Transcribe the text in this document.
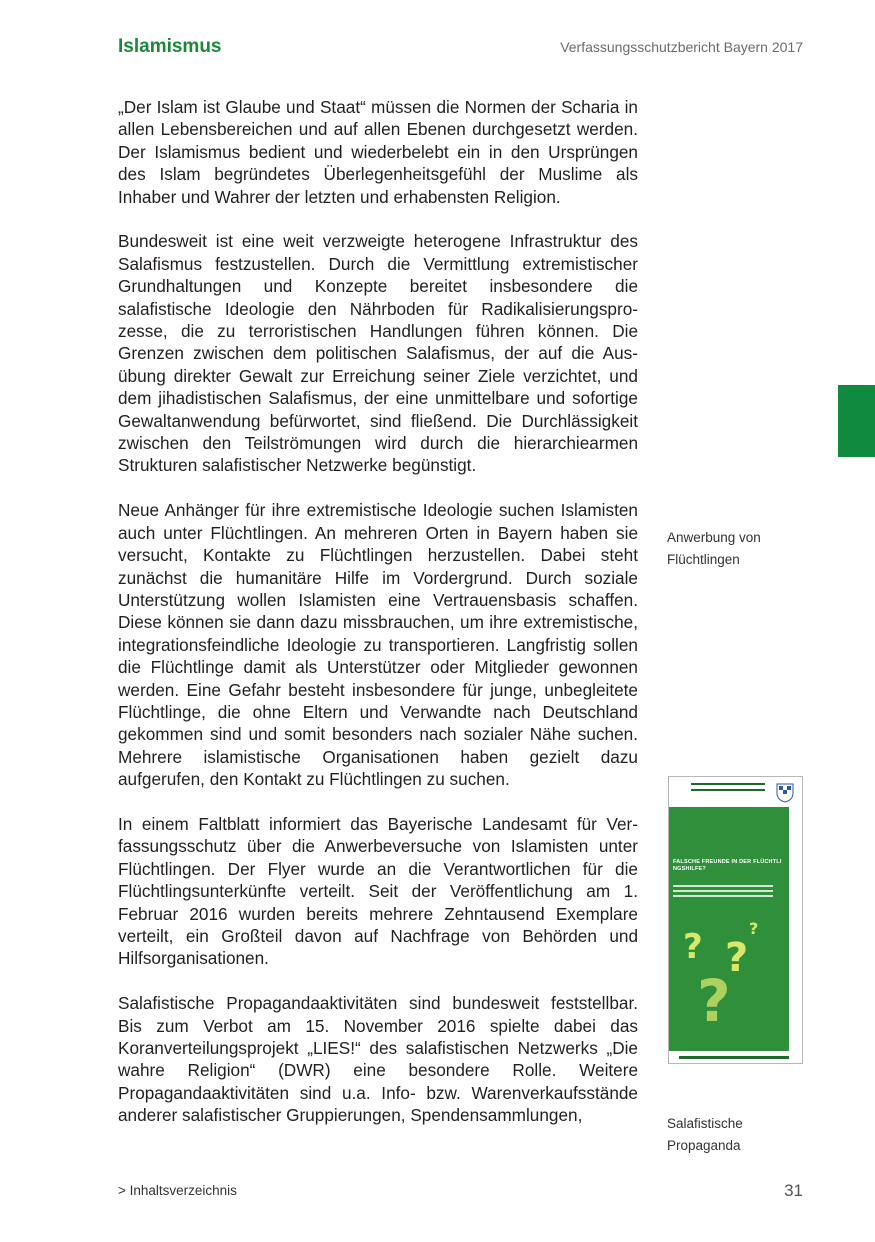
Islamismus	Verfassungsschutzbericht Bayern 2017

„Der Islam ist Glaube und Staat“ müssen die Normen der Scharia in allen Lebensbereichen und auf allen Ebenen durchgesetzt werden. Der Islamismus bedient und wiederbelebt ein in den Ursprüngen des Islam begründetes Überlegenheitsgefühl der Muslime als Inhaber und Wahrer der letzten und erhabensten Religion.

Bundesweit ist eine weit verzweigte heterogene Infrastruktur des Salafismus festzustellen. Durch die Vermittlung extremistischer Grundhaltungen und Konzepte bereitet insbesondere die salafistische Ideologie den Nährboden für Radikalisierungsprozesse, die zu terroristischen Handlungen führen können. Die Grenzen zwischen dem politischen Salafismus, der auf die Ausübung direkter Gewalt zur Erreichung seiner Ziele verzichtet, und dem jihadistischen Salafismus, der eine unmittelbare und sofortige Gewaltanwendung befürwortet, sind fließend. Die Durchlässigkeit zwischen den Teilströmungen wird durch die hierarchiearmen Strukturen salafistischer Netzwerke begünstigt.

Neue Anhänger für ihre extremistische Ideologie suchen Islamisten auch unter Flüchtlingen. An mehreren Orten in Bayern haben sie versucht, Kontakte zu Flüchtlingen herzustellen. Dabei steht zunächst die humanitäre Hilfe im Vordergrund. Durch soziale Unterstützung wollen Islamisten eine Vertrauensbasis schaffen. Diese können sie dann dazu missbrauchen, um ihre extremistische, integrationsfeindliche Ideologie zu transportieren. Langfristig sollen die Flüchtlinge damit als Unterstützer oder Mitglieder gewonnen werden. Eine Gefahr besteht insbesondere für junge, unbegleitete Flüchtlinge, die ohne Eltern und Verwandte nach Deutschland gekommen sind und somit besonders nach sozialer Nähe suchen. Mehrere islamistische Organisationen haben gezielt dazu aufgerufen, den Kontakt zu Flüchtlingen zu suchen.

In einem Faltblatt informiert das Bayerische Landesamt für Verfassungsschutz über die Anwerbeversuche von Islamisten unter Flüchtlingen. Der Flyer wurde an die Verantwortlichen für die Flüchtlingsunterkünfte verteilt. Seit der Veröffentlichung am 1. Februar 2016 wurden bereits mehrere Zehntausend Exemplare verteilt, ein Großteil davon auf Nachfrage von Behörden und Hilfsorganisationen.

Salafistische Propagandaaktivitäten sind bundesweit feststellbar. Bis zum Verbot am 15. November 2016 spielte dabei das Koranverteilungsprojekt „LIES!“ des salafistischen Netzwerks „Die wahre Religion“ (DWR) eine besondere Rolle. Weitere Propagandaaktivitäten sind u.a. Info- bzw. Warenverkaufsstände anderer salafistischer Gruppierungen, Spendensammlungen,

Anwerbung von
Flüchtlingen
FALSCHE FREUNDE IN DER FLÜCHTLINGSHILFE?
? ?
?
?
Salafistische
Propaganda
> Inhaltsverzeichnis	31
